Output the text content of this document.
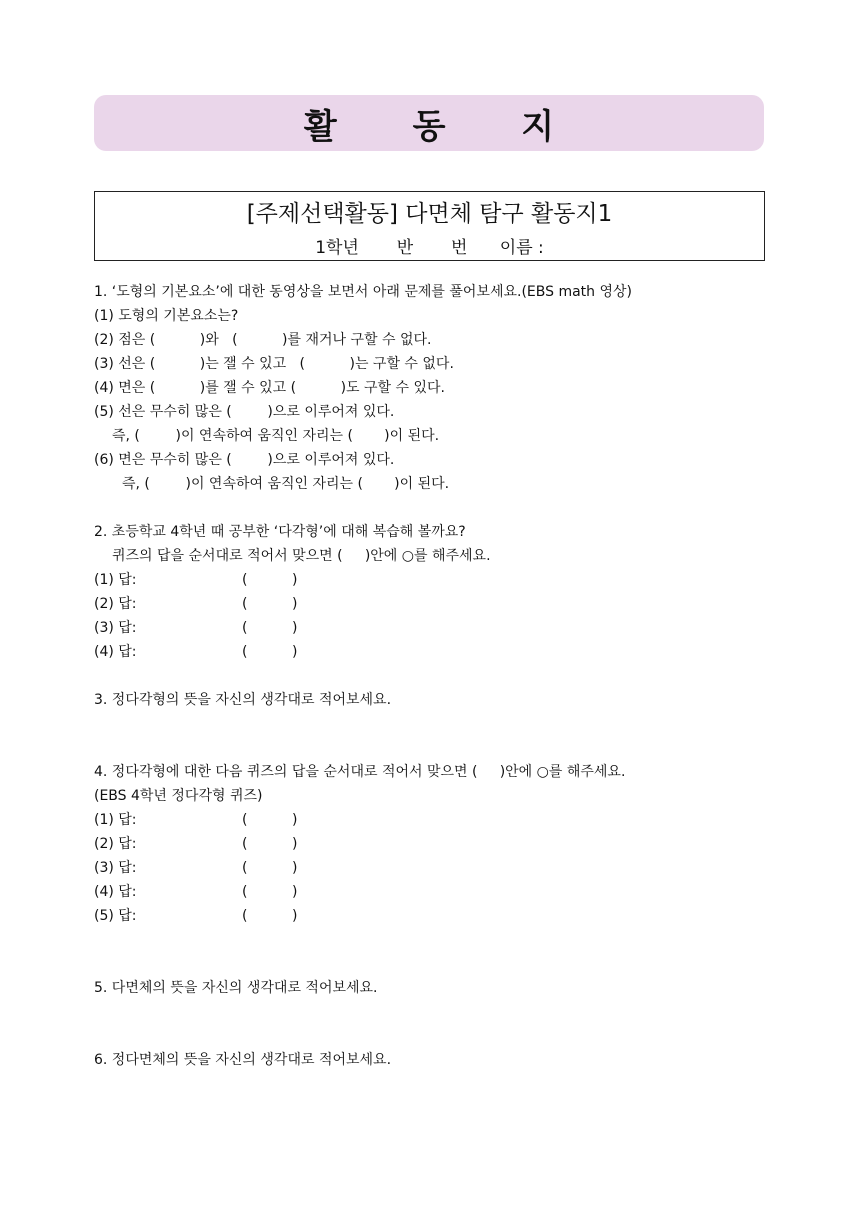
활 동 지
[주제선택활동] 다면체 탐구 활동지1
1학년       반       번      이름 :
1. ‘도형의 기본요소’에 대한 동영상을 보면서 아래 문제를 풀어보세요.(EBS math 영상)
(1) 도형의 기본요소는?
(2) 점은 (          )와   (          )를 재거나 구할 수 없다.
(3) 선은 (          )는 잴 수 있고   (          )는 구할 수 없다.
(4) 면은 (          )를 잴 수 있고 (          )도 구할 수 있다.
(5) 선은 무수히 많은 (        )으로 이루어져 있다.
즉, (        )이 연속하여 움직인 자리는 (       )이 된다.
(6) 면은 무수히 많은 (        )으로 이루어져 있다.
즉, (        )이 연속하여 움직인 자리는 (       )이 된다.
2. 초등학교 4학년 때 공부한 ‘다각형’에 대해 복습해 볼까요?
퀴즈의 답을 순서대로 적어서 맞으면 (     )안에 ○를 해주세요.
(1) 답:	(          )
(2) 답:	(          )
(3) 답:	(          )
(4) 답:	(          )
3. 정다각형의 뜻을 자신의 생각대로 적어보세요.
4. 정다각형에 대한 다음 퀴즈의 답을 순서대로 적어서 맞으면 (     )안에 ○를 해주세요.
(EBS 4학년 정다각형 퀴즈)
(1) 답:	(          )
(2) 답:	(          )
(3) 답:	(          )
(4) 답:	(          )
(5) 답:	(          )
5. 다면체의 뜻을 자신의 생각대로 적어보세요.
6. 정다면체의 뜻을 자신의 생각대로 적어보세요.
